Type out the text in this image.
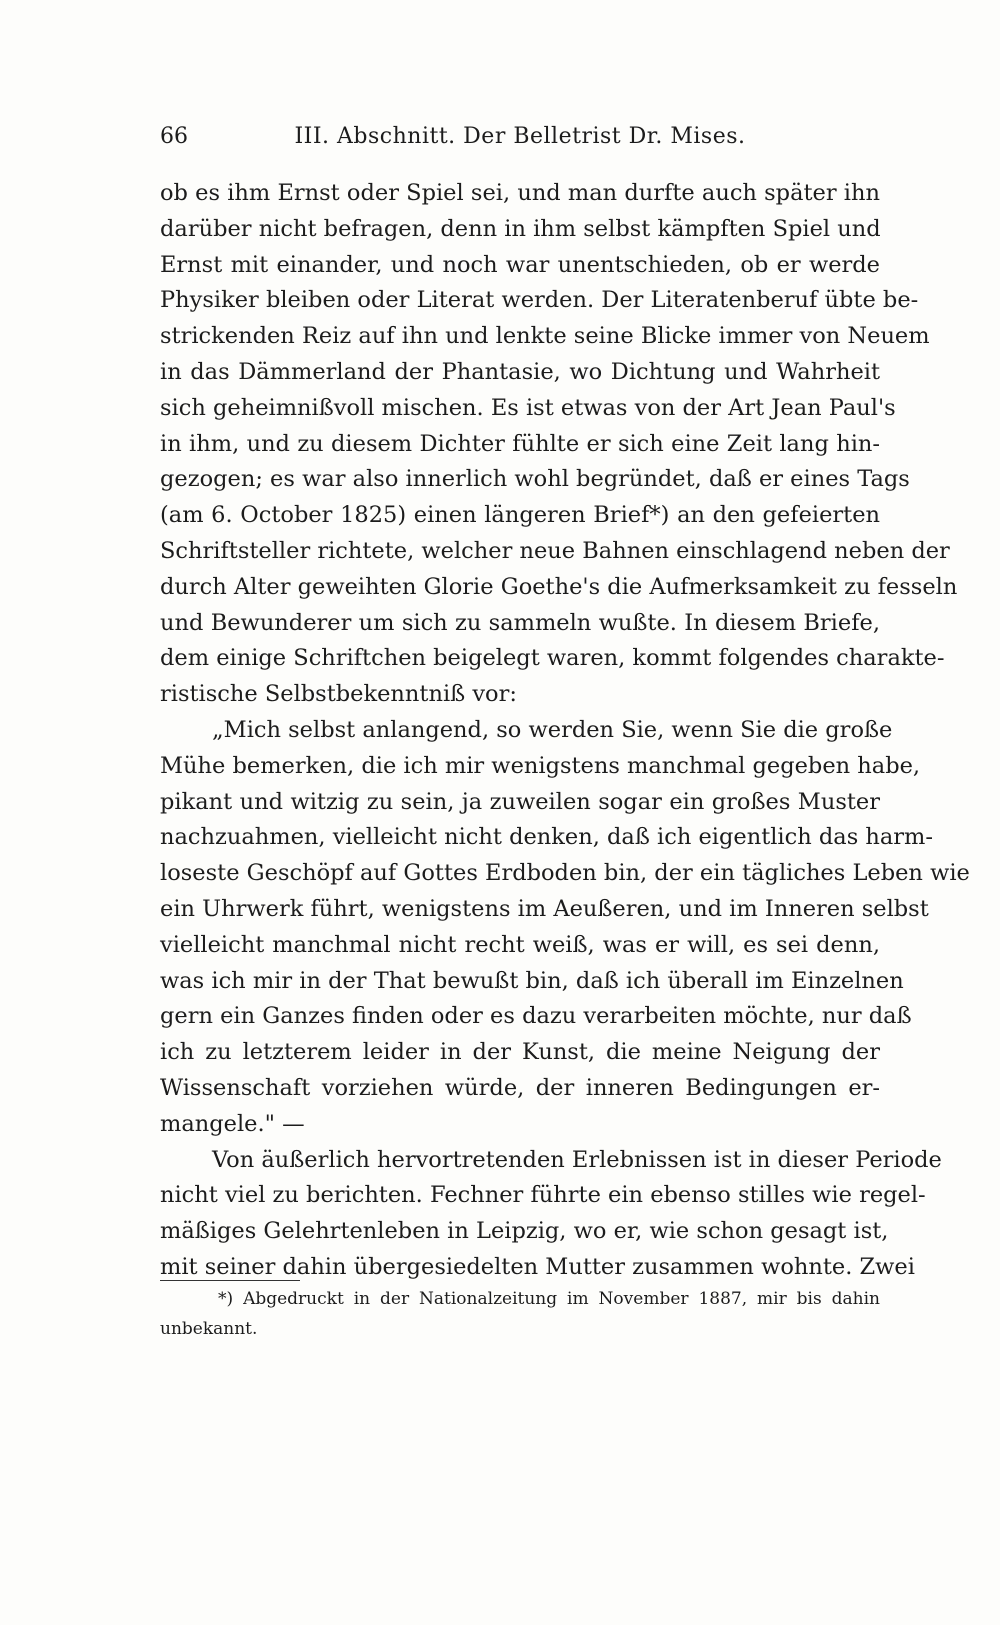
66	III. Abschnitt. Der Belletrist Dr. Mises.
ob es ihm Ernst oder Spiel sei, und man durfte auch später ihn
darüber nicht befragen, denn in ihm selbst kämpften Spiel und
Ernst mit einander, und noch war unentschieden, ob er werde
Physiker bleiben oder Literat werden. Der Literatenberuf übte be-
strickenden Reiz auf ihn und lenkte seine Blicke immer von Neuem
in das Dämmerland der Phantasie, wo Dichtung und Wahrheit
sich geheimnißvoll mischen. Es ist etwas von der Art Jean Paul's
in ihm, und zu diesem Dichter fühlte er sich eine Zeit lang hin-
gezogen; es war also innerlich wohl begründet, daß er eines Tags
(am 6. October 1825) einen längeren Brief*) an den gefeierten
Schriftsteller richtete, welcher neue Bahnen einschlagend neben der
durch Alter geweihten Glorie Goethe's die Aufmerksamkeit zu fesseln
und Bewunderer um sich zu sammeln wußte. In diesem Briefe,
dem einige Schriftchen beigelegt waren, kommt folgendes charakte-
ristische Selbstbekenntniß vor:
„Mich selbst anlangend, so werden Sie, wenn Sie die große
Mühe bemerken, die ich mir wenigstens manchmal gegeben habe,
pikant und witzig zu sein, ja zuweilen sogar ein großes Muster
nachzuahmen, vielleicht nicht denken, daß ich eigentlich das harm-
loseste Geschöpf auf Gottes Erdboden bin, der ein tägliches Leben wie
ein Uhrwerk führt, wenigstens im Aeußeren, und im Inneren selbst
vielleicht manchmal nicht recht weiß, was er will, es sei denn,
was ich mir in der That bewußt bin, daß ich überall im Einzelnen
gern ein Ganzes finden oder es dazu verarbeiten möchte, nur daß
ich zu letzterem leider in der Kunst, die meine Neigung der
Wissenschaft vorziehen würde, der inneren Bedingungen er-
mangele." —
Von äußerlich hervortretenden Erlebnissen ist in dieser Periode
nicht viel zu berichten. Fechner führte ein ebenso stilles wie regel-
mäßiges Gelehrtenleben in Leipzig, wo er, wie schon gesagt ist,
mit seiner dahin übergesiedelten Mutter zusammen wohnte. Zwei
*) Abgedruckt in der Nationalzeitung im November 1887, mir bis dahin
unbekannt.
